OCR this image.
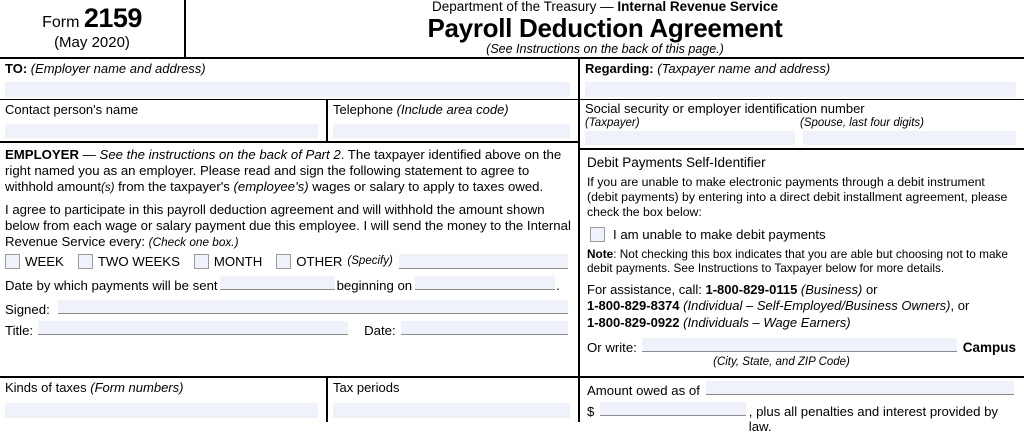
Form 2159
(May 2020)
Department of the Treasury — Internal Revenue Service
Payroll Deduction Agreement
(See Instructions on the back of this page.)
TO: (Employer name and address)
Contact person's name	Telephone (Include area code)

EMPLOYER — See the instructions on the back of Part 2. The taxpayer identified above on the right named you as an employer. Please read and sign the following statement to agree to withhold amount(s) from the taxpayer's (employee's) wages or salary to apply to taxes owed.

I agree to participate in this payroll deduction agreement and will withhold the amount shown below from each wage or salary payment due this employee. I will send the money to the Internal Revenue Service every: (Check one box.)

WEEK	TWO WEEKS	MONTH	OTHER (Specify)
Date by which payments will be sent	beginning on	.
Signed:
Title:	Date:
Kinds of taxes (Form numbers)	Tax periods
Regarding: (Taxpayer name and address)
Social security or employer identification number
(Taxpayer)	(Spouse, last four digits)
Debit Payments Self-Identifier

If you are unable to make electronic payments through a debit instrument (debit payments) by entering into a direct debit installment agreement, please check the box below:

I am unable to make debit payments

Note: Not checking this box indicates that you are able but choosing not to make debit payments. See Instructions to Taxpayer below for more details.

For assistance, call: 1-800-829-0115 (Business) or
1-800-829-8374 (Individual – Self-Employed/Business Owners), or
1-800-829-0922 (Individuals – Wage Earners)

Or write:	Campus
(City, State, and ZIP Code)
Amount owed as of
$	, plus all penalties and interest provided by law.
